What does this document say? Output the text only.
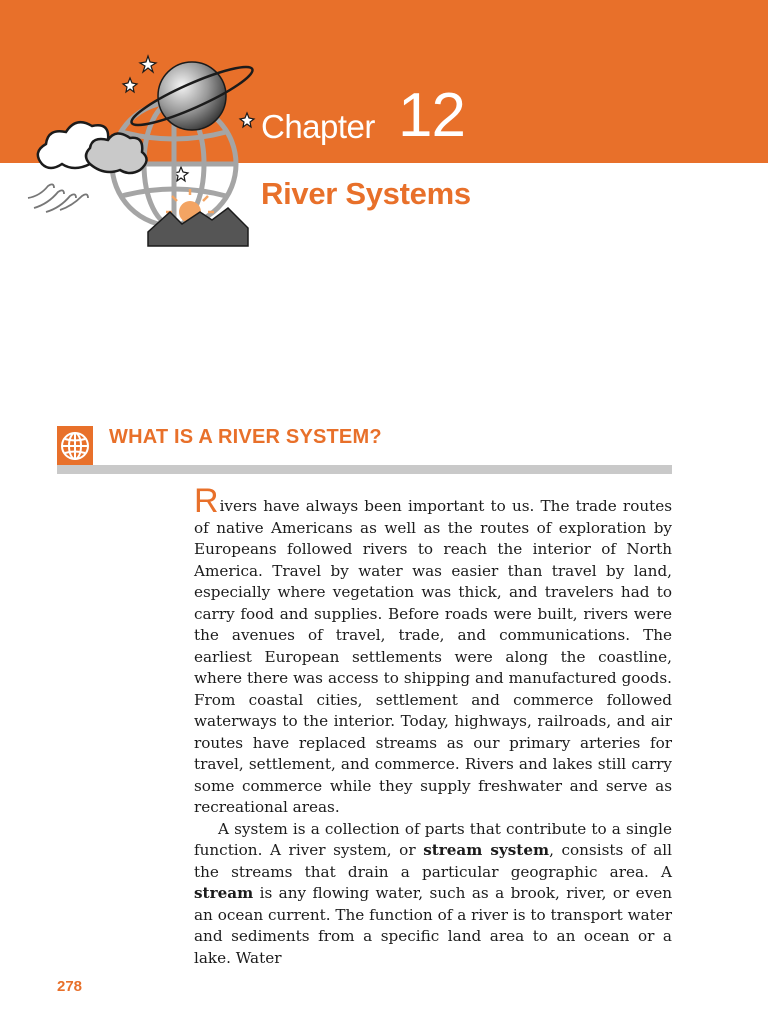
Chapter 12
River Systems
WHAT IS A RIVER SYSTEM?

Rivers have always been important to us. The trade routes of native Americans as well as the routes of exploration by Europeans followed rivers to reach the interior of North America. Travel by water was easier than travel by land, especially where vegetation was thick, and travelers had to carry food and supplies. Before roads were built, rivers were the avenues of travel, trade, and communications. The earliest European settlements were along the coastline, where there was access to shipping and manufactured goods. From coastal cities, settlement and commerce followed waterways to the interior. Today, highways, railroads, and air routes have replaced streams as our primary arteries for travel, settlement, and commerce. Rivers and lakes still carry some commerce while they supply freshwater and serve as recreational areas.

A system is a collection of parts that contribute to a single function. A river system, or stream system, consists of all the streams that drain a particular geographic area. A stream is any flowing water, such as a brook, river, or even an ocean current. The function of a river is to transport water and sediments from a specific land area to an ocean or a lake. Water

278
